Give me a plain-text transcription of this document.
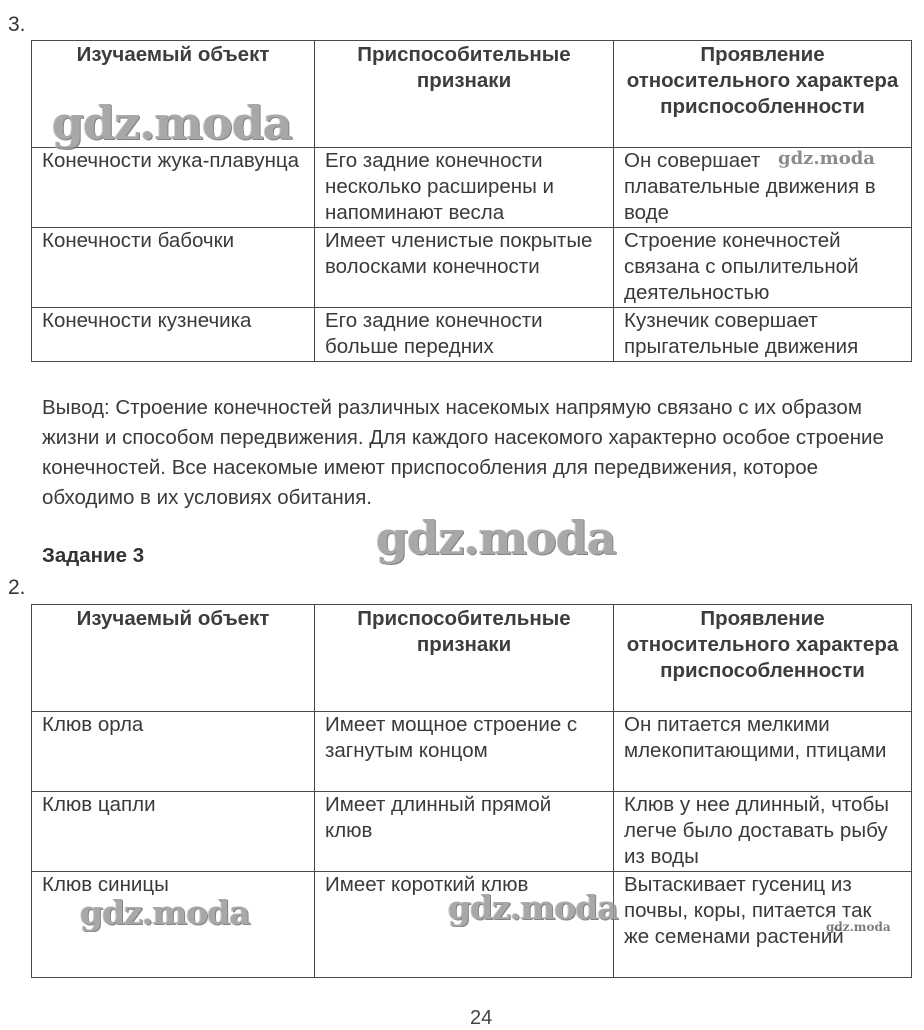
3.
Изучаемый объект	Приспособительные признаки	Проявление относительного характера приспособленности
Конечности жука-плавунца	Его задние конечности несколько расширены и напоминают весла	Он совершает плавательные движения в воде
Конечности бабочки	Имеет членистые покрытые волосками конечности	Строение конечностей связана с опылительной деятельностью
Конечности кузнечика	Его задние конечности больше передних	Кузнечик совершает прыгательные движения

Вывод: Строение конечностей различных насекомых напрямую связано с их образом жизни и способом передвижения. Для каждого насекомого характерно особое строение конечностей. Все насекомые имеют приспособления для передвижения, которое обходимо в их условиях обитания.

Задание 3
2.
Изучаемый объект	Приспособительные признаки	Проявление относительного характера приспособленности
Клюв орла	Имеет мощное строение с загнутым концом	Он питается мелкими млекопитающими, птицами
Клюв цапли	Имеет длинный прямой клюв	Клюв у нее длинный, чтобы легче было доставать рыбу из воды
Клюв синицы	Имеет короткий клюв	Вытаскивает гусениц из почвы, коры, питается так же семенами растений
gdz.moda
gdz.moda
gdz.moda
gdz.moda	gdz.moda	gdz.moda
24
